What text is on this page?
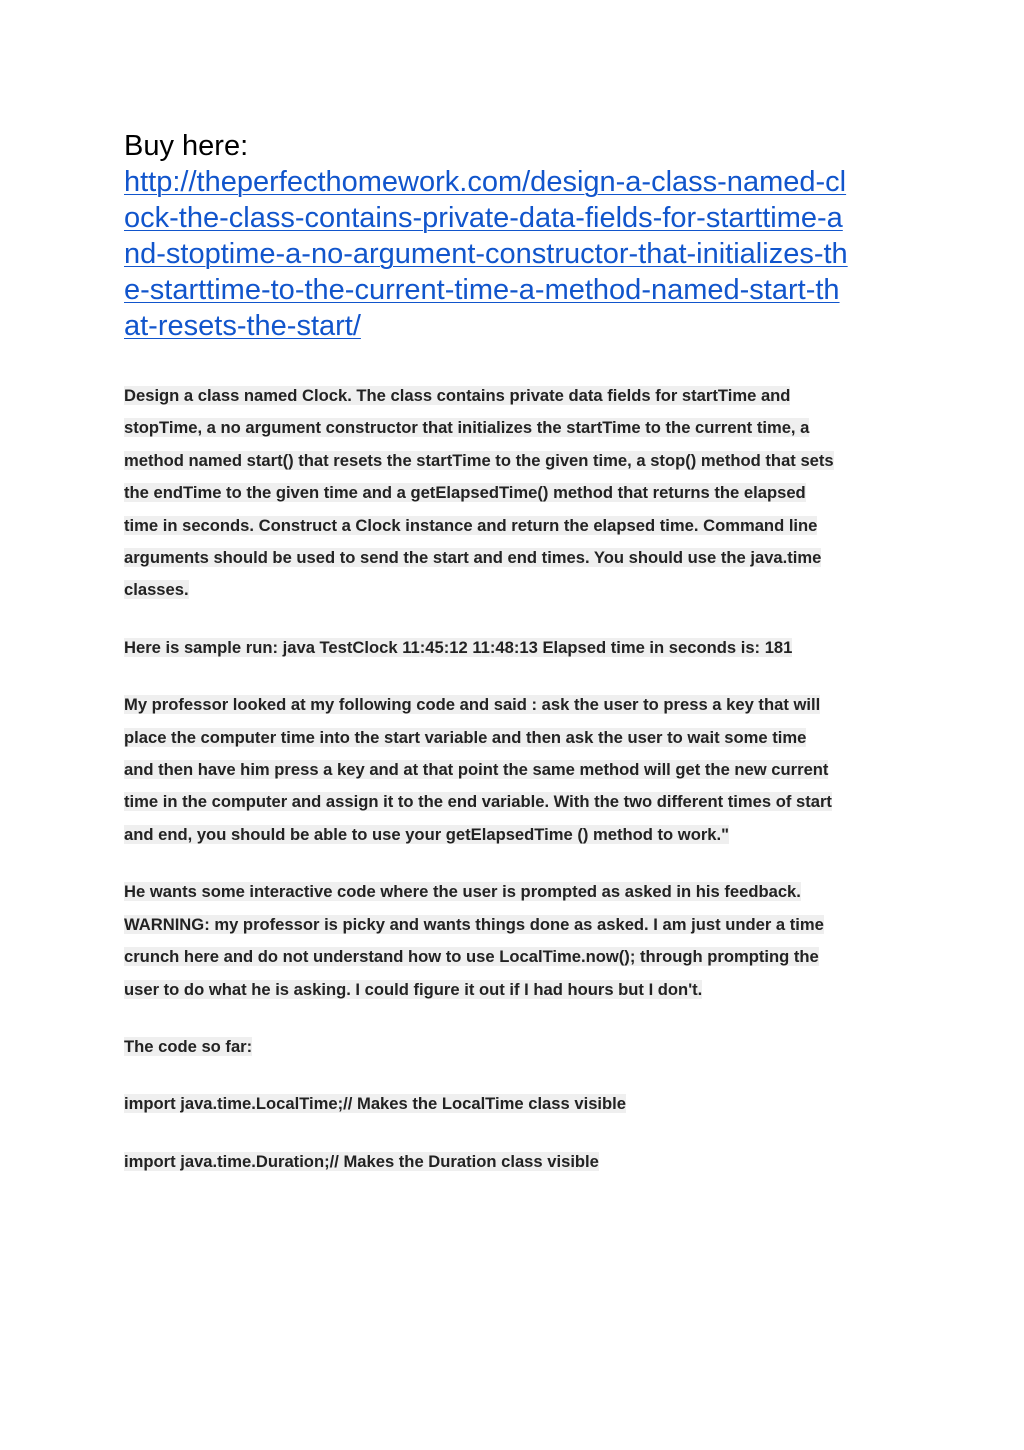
Buy here:
http://theperfecthomework.com/design-a-class-named-cl
ock-the-class-contains-private-data-fields-for-starttime-a
nd-stoptime-a-no-argument-constructor-that-initializes-th
e-starttime-to-the-current-time-a-method-named-start-th
at-resets-the-start/

Design a class named Clock. The class contains private data fields for startTime and
stopTime, a no argument constructor that initializes the startTime to the current time, a
method named start() that resets the startTime to the given time, a stop() method that sets
the endTime to the given time and a getElapsedTime() method that returns the elapsed
time in seconds. Construct a Clock instance and return the elapsed time. Command line
arguments should be used to send the start and end times. You should use the java.time
classes.

Here is sample run: java TestClock 11:45:12 11:48:13 Elapsed time in seconds is: 181

My professor looked at my following code and said : ask the user to press a key that will
place the computer time into the start variable and then ask the user to wait some time
and then have him press a key and at that point the same method will get the new current
time in the computer and assign it to the end variable. With the two different times of start
and end, you should be able to use your getElapsedTime () method to work."

He wants some interactive code where the user is prompted as asked in his feedback.
WARNING: my professor is picky and wants things done as asked. I am just under a time
crunch here and do not understand how to use LocalTime.now(); through prompting the
user to do what he is asking. I could figure it out if I had hours but I don't.

The code so far:

import java.time.LocalTime;// Makes the LocalTime class visible

import java.time.Duration;// Makes the Duration class visible
